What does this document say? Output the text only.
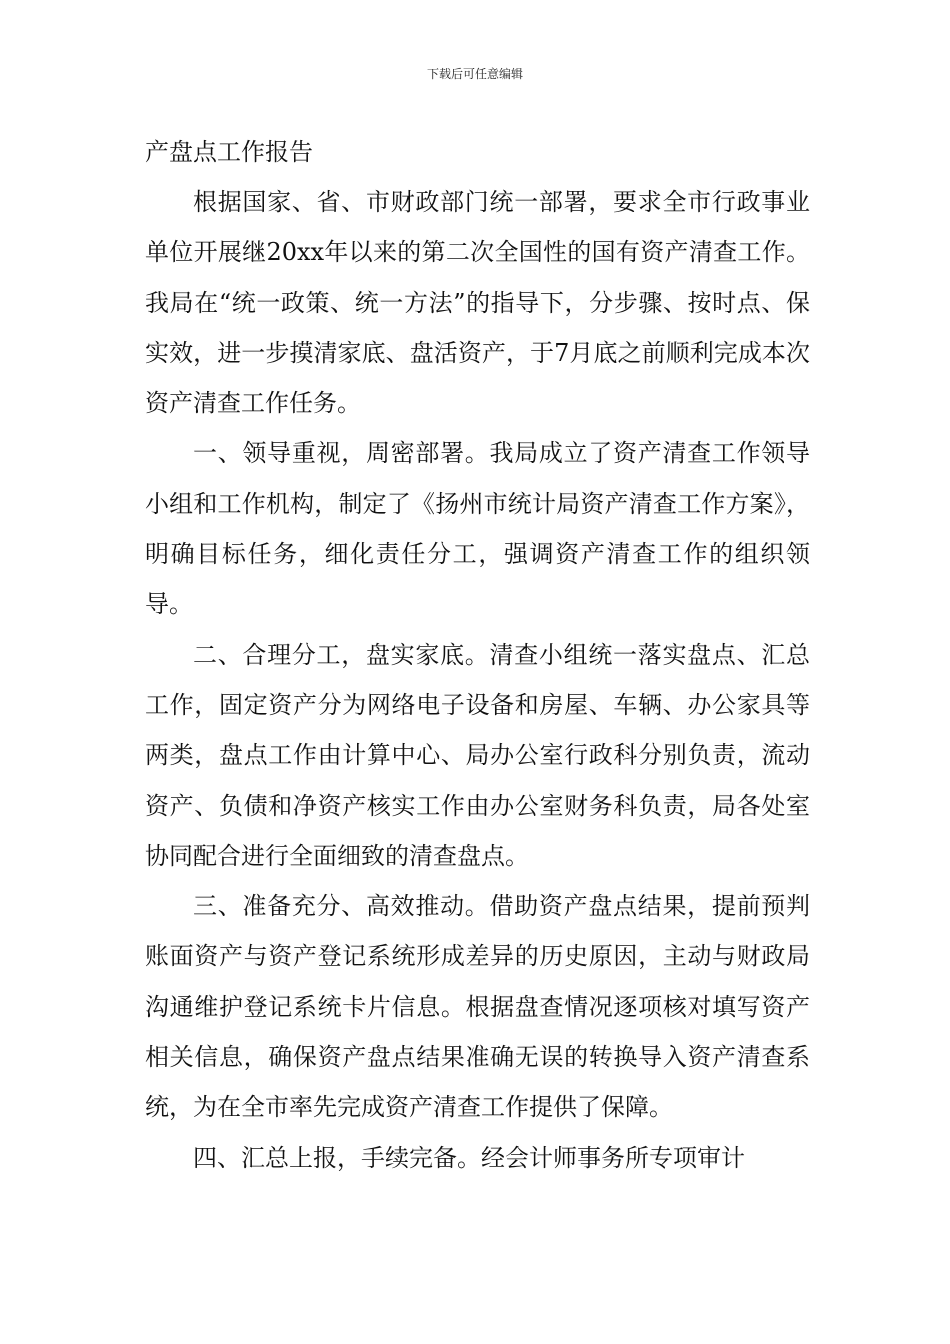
下载后可任意编辑
产盘点工作报告

根据国家、省、市财政部门统一部署，要求全市行政事业单位开展继20xx年以来的第二次全国性的国有资产清查工作。我局在“统一政策、统一方法”的指导下，分步骤、按时点、保实效，进一步摸清家底、盘活资产，于7月底之前顺利完成本次资产清查工作任务。

一、领导重视，周密部署。我局成立了资产清查工作领导小组和工作机构，制定了《扬州市统计局资产清查工作方案》，明确目标任务，细化责任分工，强调资产清查工作的组织领导。

二、合理分工，盘实家底。清查小组统一落实盘点、汇总工作，固定资产分为网络电子设备和房屋、车辆、办公家具等两类，盘点工作由计算中心、局办公室行政科分别负责，流动资产、负债和净资产核实工作由办公室财务科负责，局各处室协同配合进行全面细致的清查盘点。

三、准备充分、高效推动。借助资产盘点结果，提前预判账面资产与资产登记系统形成差异的历史原因，主动与财政局沟通维护登记系统卡片信息。根据盘查情况逐项核对填写资产相关信息，确保资产盘点结果准确无误的转换导入资产清查系统，为在全市率先完成资产清查工作提供了保障。

四、汇总上报，手续完备。经会计师事务所专项审计
